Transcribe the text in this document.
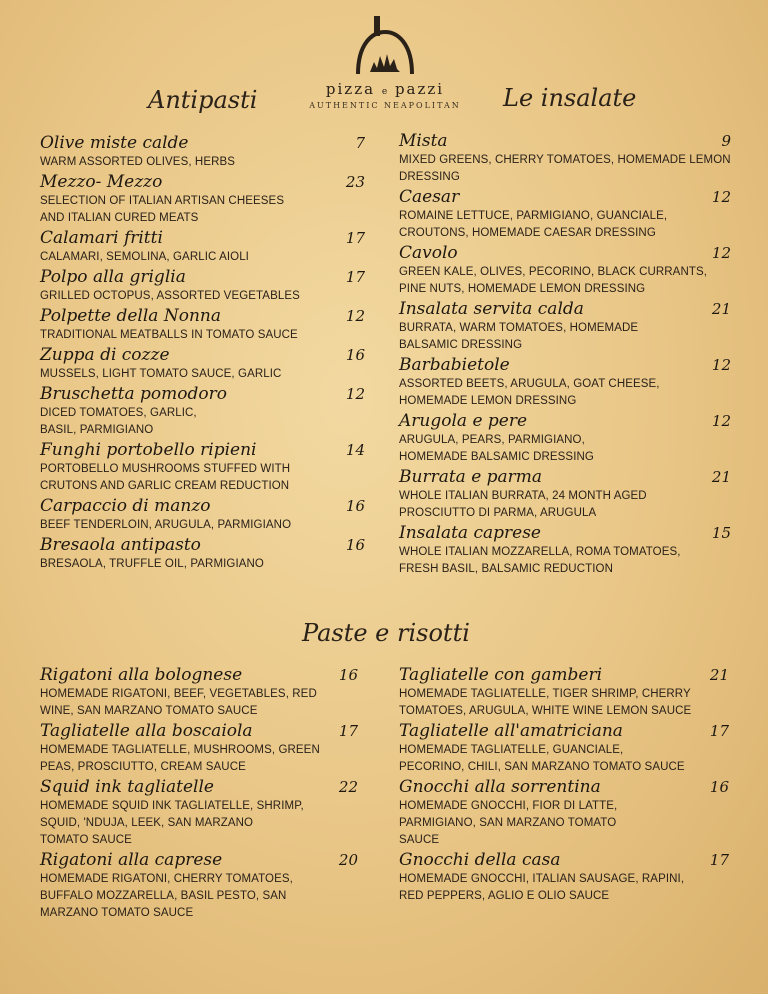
pizza e pazzi
AUTHENTIC NEAPOLITAN
Antipasti	Le insalate
Paste e risotti
Olive miste calde	7
WARM ASSORTED OLIVES, HERBS
Mezzo- Mezzo	23
SELECTION OF ITALIAN ARTISAN CHEESES
AND ITALIAN CURED MEATS
Calamari fritti	17
CALAMARI, SEMOLINA, GARLIC AIOLI
Polpo alla griglia	17
GRILLED OCTOPUS, ASSORTED VEGETABLES
Polpette della Nonna	12
TRADITIONAL MEATBALLS IN TOMATO SAUCE
Zuppa di cozze	16
MUSSELS, LIGHT TOMATO SAUCE, GARLIC
Bruschetta pomodoro	12
DICED TOMATOES, GARLIC,
BASIL, PARMIGIANO
Funghi portobello ripieni	14
PORTOBELLO MUSHROOMS STUFFED WITH
CRUTONS AND GARLIC CREAM REDUCTION
Carpaccio di manzo	16
BEEF TENDERLOIN, ARUGULA, PARMIGIANO
Bresaola antipasto	16
BRESAOLA, TRUFFLE OIL, PARMIGIANO
Mista	9
MIXED GREENS, CHERRY TOMATOES, HOMEMADE LEMON
DRESSING
Caesar	12
ROMAINE LETTUCE, PARMIGIANO, GUANCIALE,
CROUTONS, HOMEMADE CAESAR DRESSING
Cavolo	12
GREEN KALE, OLIVES, PECORINO, BLACK CURRANTS,
PINE NUTS, HOMEMADE LEMON DRESSING
Insalata servita calda	21
BURRATA, WARM TOMATOES, HOMEMADE
BALSAMIC DRESSING
Barbabietole	12
ASSORTED BEETS, ARUGULA, GOAT CHEESE,
HOMEMADE LEMON DRESSING
Arugola e pere	12
ARUGULA, PEARS, PARMIGIANO,
HOMEMADE BALSAMIC DRESSING
Burrata e parma	21
WHOLE ITALIAN BURRATA, 24 MONTH AGED
PROSCIUTTO DI PARMA, ARUGULA
Insalata caprese	15
WHOLE ITALIAN MOZZARELLA, ROMA TOMATOES,
FRESH BASIL, BALSAMIC REDUCTION
Rigatoni alla bolognese	16
HOMEMADE RIGATONI, BEEF, VEGETABLES, RED
WINE, SAN MARZANO TOMATO SAUCE
Tagliatelle alla boscaiola	17
HOMEMADE TAGLIATELLE, MUSHROOMS, GREEN
PEAS, PROSCIUTTO, CREAM SAUCE
Squid ink tagliatelle	22
HOMEMADE SQUID INK TAGLIATELLE, SHRIMP,
SQUID, 'NDUJA, LEEK, SAN MARZANO
TOMATO SAUCE
Rigatoni alla caprese	20
HOMEMADE RIGATONI, CHERRY TOMATOES,
BUFFALO MOZZARELLA, BASIL PESTO, SAN
MARZANO TOMATO SAUCE
Tagliatelle con gamberi	21
HOMEMADE TAGLIATELLE, TIGER SHRIMP, CHERRY
TOMATOES, ARUGULA, WHITE WINE LEMON SAUCE
Tagliatelle all'amatriciana	17
HOMEMADE TAGLIATELLE, GUANCIALE,
PECORINO, CHILI, SAN MARZANO TOMATO SAUCE
Gnocchi alla sorrentina	16
HOMEMADE GNOCCHI, FIOR DI LATTE,
PARMIGIANO, SAN MARZANO TOMATO
SAUCE
Gnocchi della casa	17
HOMEMADE GNOCCHI, ITALIAN SAUSAGE, RAPINI,
RED PEPPERS, AGLIO E OLIO SAUCE
